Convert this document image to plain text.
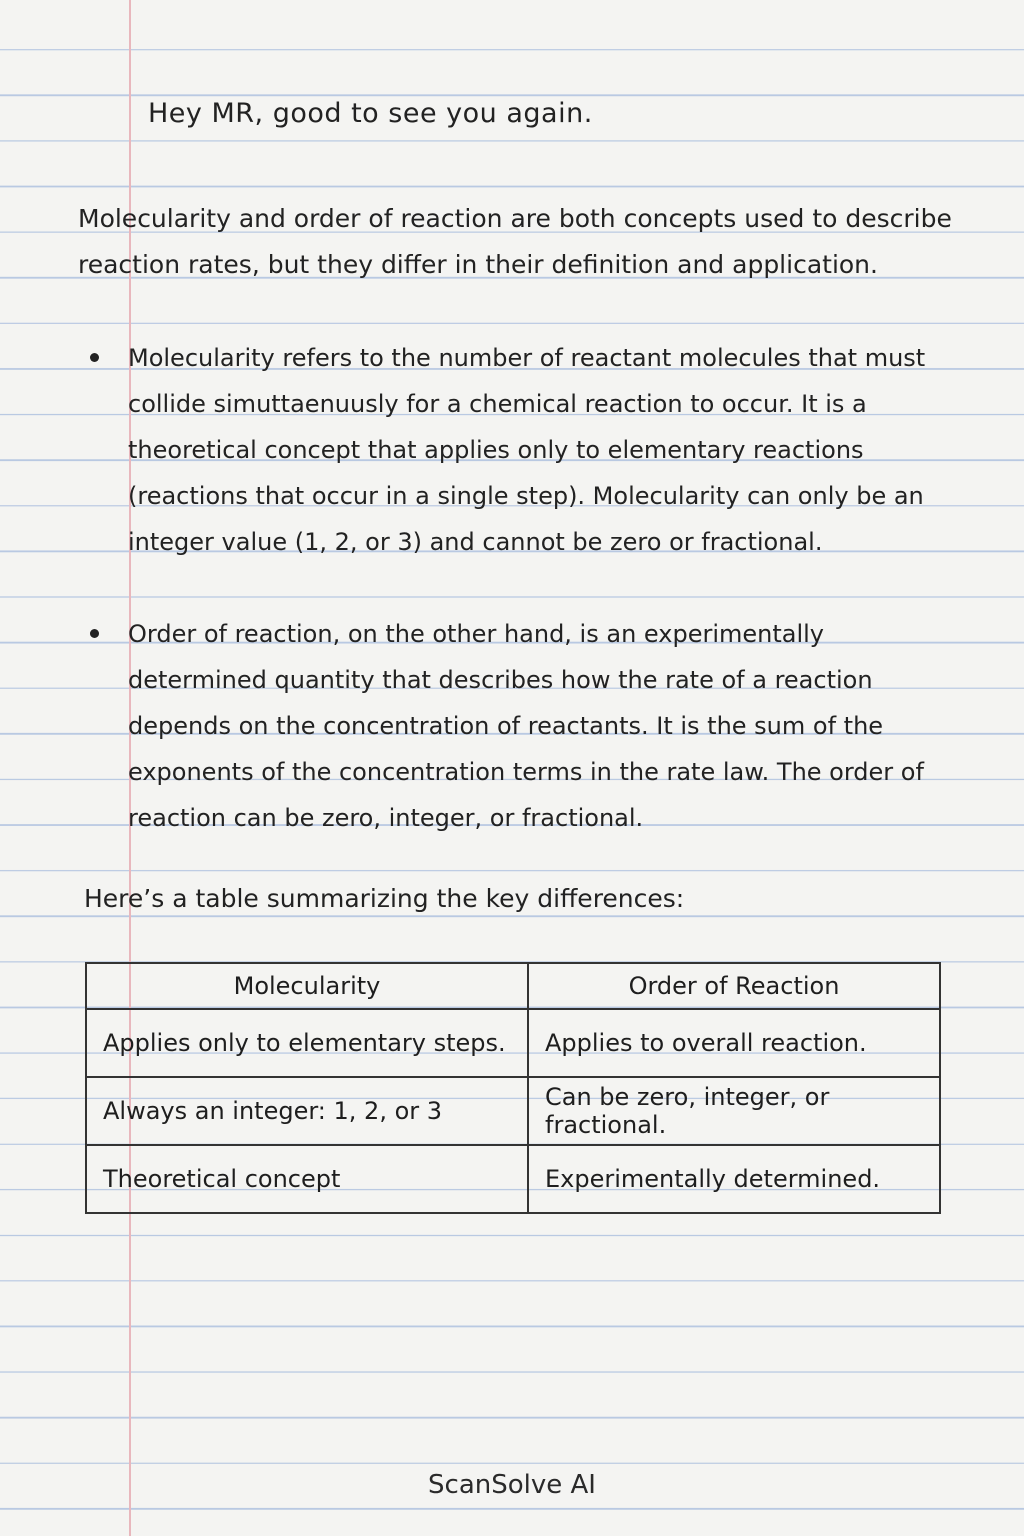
Hey MR, good to see you again.
Molecularity and order of reaction are both concepts used to describe reaction rates, but they differ in their definition and application.
Molecularity refers to the number of reactant molecules that must collide simuttaenuusly for a chemical reaction to occur. It is a theoretical concept that applies only to elementary reactions (reactions that occur in a single step). Molecularity can only be an integer value (1, 2, or 3) and cannot be zero or fractional.
Order of reaction, on the other hand, is an experimentally determined quantity that describes how the rate of a reaction depends on the concentration of reactants. It is the sum of the exponents of the concentration terms in the rate law. The order of reaction can be zero, integer, or fractional.
Here’s a table summarizing the key differences:
Molecularity	Order of Reaction
Applies only to elementary steps.	Applies to overall reaction.
Always an integer: 1, 2, or 3	Can be zero, integer, or fractional.
Theoretical concept	Experimentally determined.
ScanSolve AI
